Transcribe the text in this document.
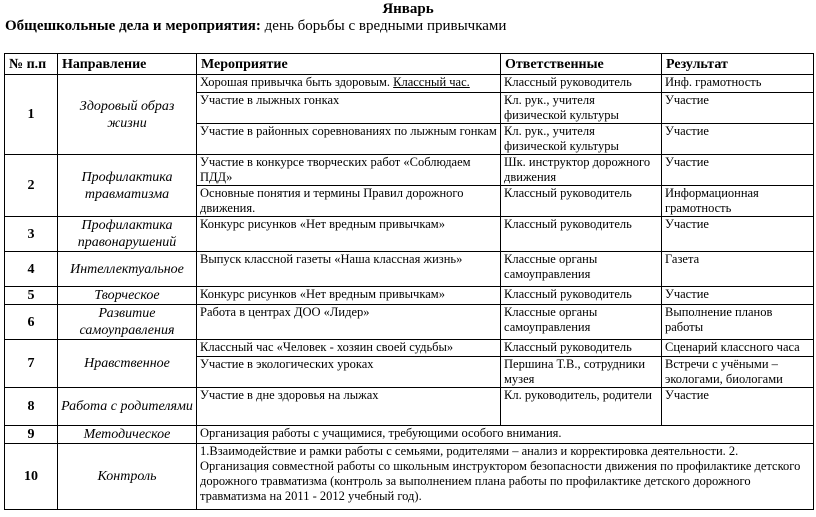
Январь
Общешкольные дела и мероприятия: день борьбы с вредными привычками
№ п.п	Направление	Мероприятие	Ответственные	Результат
1	Здоровый образ жизни	Хорошая привычка быть здоровым. Классный час.	Классный руководитель	Инф. грамотность
		Участие в лыжных гонках	Кл. рук., учителя физической культуры	Участие
		Участие в районных соревнованиях по лыжным гонкам	Кл. рук., учителя физической культуры	Участие
2	Профилактика травматизма	Участие в конкурсе творческих работ «Соблюдаем ПДД»	Шк. инструктор дорожного движения	Участие
		Основные понятия и термины Правил дорожного движения.	Классный руководитель	Информационная грамотность
3	Профилактика правонарушений	Конкурс рисунков «Нет вредным привычкам»	Классный руководитель	Участие
4	Интеллектуальное	Выпуск классной газеты «Наша классная жизнь»	Классные органы самоуправления	Газета
5	Творческое	Конкурс рисунков «Нет вредным привычкам»	Классный руководитель	Участие
6	Развитие самоуправления	Работа в центрах ДОО «Лидер»	Классные органы самоуправления	Выполнение планов работы
7	Нравственное	Классный час «Человек - хозяин своей судьбы»	Классный руководитель	Сценарий классного часа
		Участие в экологических уроках	Першина Т.В., сотрудники музея	Встречи с учёными – экологами, биологами
8	Работа с родителями	Участие в дне здоровья на лыжах	Кл. руководитель, родители	Участие
9	Методическое	Организация работы с учащимися, требующими особого внимания.		
10	Контроль	1.Взаимодействие и рамки работы с семьями, родителями – анализ и корректировка деятельности. 2. Организация совместной работы со школьным инструктором безопасности движения по профилактике детского дорожного травматизма (контроль за выполнением плана работы по профилактике детского дорожного травматизма на 2011 - 2012 учебный год).		
